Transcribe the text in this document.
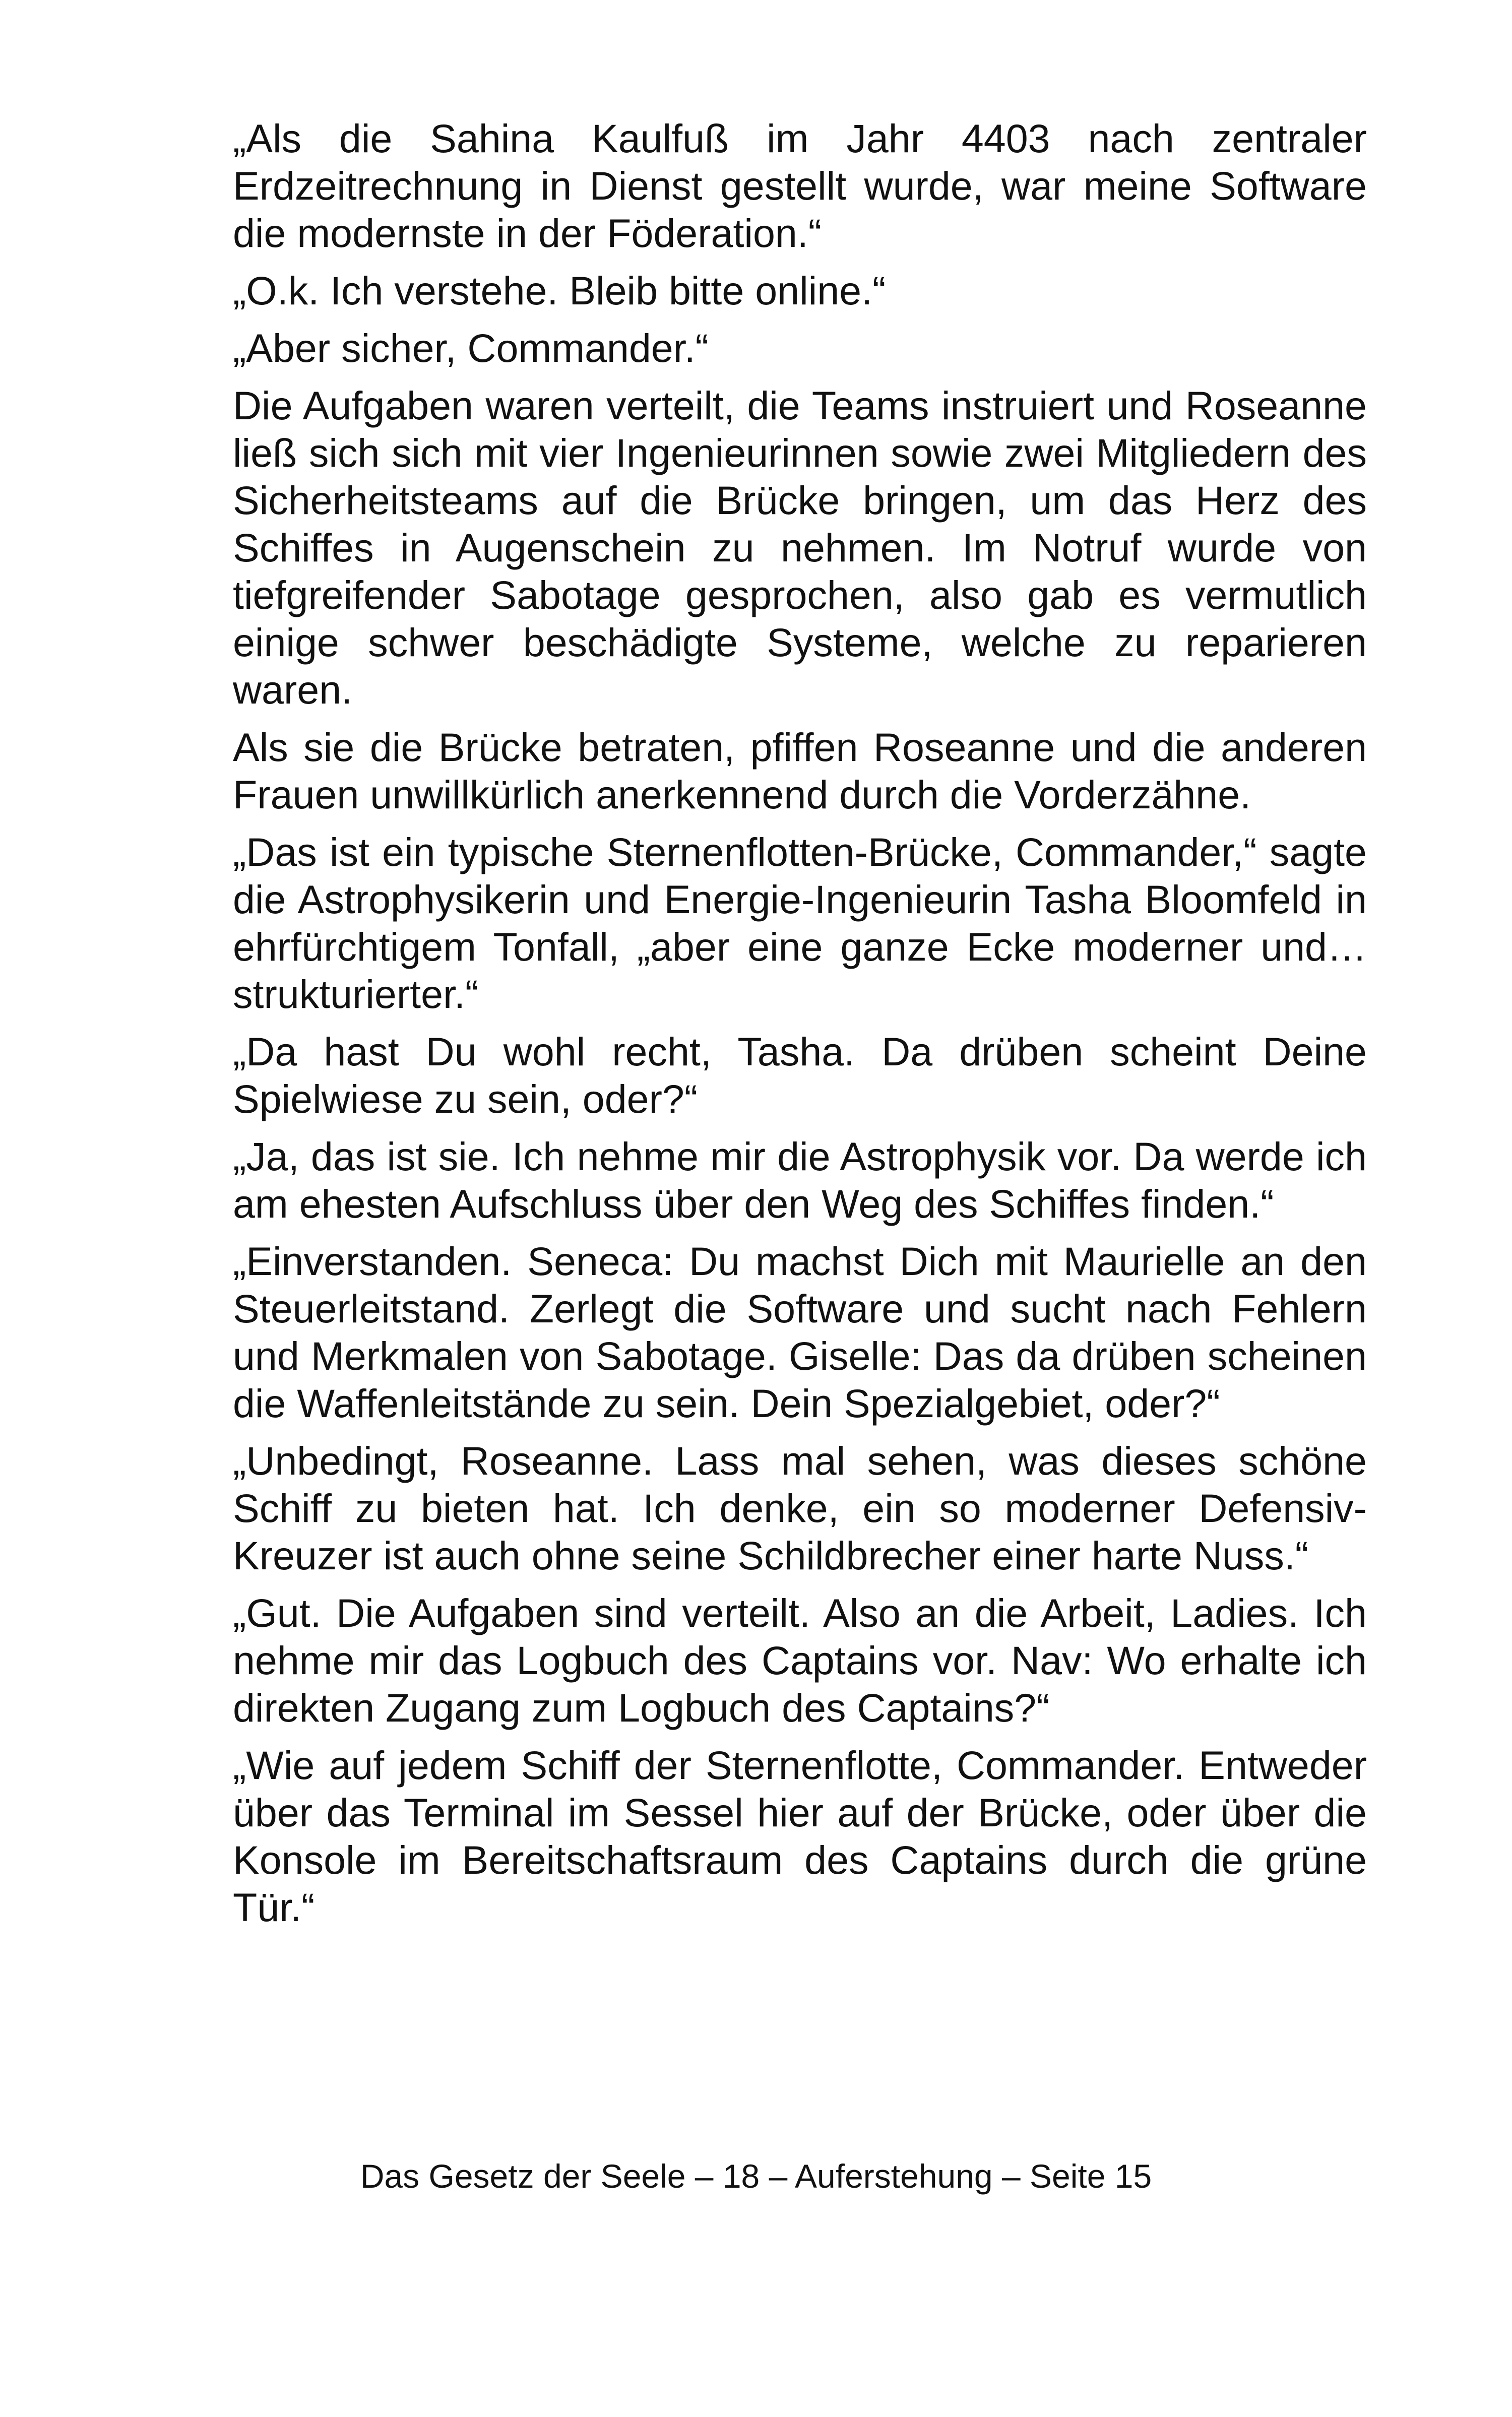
„Als die Sahina Kaulfuß im Jahr 4403 nach zentraler Erdzeitrechnung in Dienst gestellt wurde, war meine Software die modernste in der Föderation.“

„O.k. Ich verstehe. Bleib bitte online.“

„Aber sicher, Commander.“

Die Aufgaben waren verteilt, die Teams instruiert und Roseanne ließ sich sich mit vier Ingenieurinnen sowie zwei Mitgliedern des Sicherheitsteams auf die Brücke bringen, um das Herz des Schiffes in Augenschein zu nehmen. Im Notruf wurde von tiefgreifender Sabotage gesprochen, also gab es vermutlich einige schwer beschädigte Systeme, welche zu reparieren waren.

Als sie die Brücke betraten, pfiffen Roseanne und die anderen Frauen unwillkürlich anerkennend durch die Vorderzähne.

„Das ist ein typische Sternenflotten-Brücke, Commander,“ sagte die Astrophysikerin und Energie-Ingenieurin Tasha Bloomfeld in ehrfürchtigem Tonfall, „aber eine ganze Ecke moderner und… strukturierter.“

„Da hast Du wohl recht, Tasha. Da drüben scheint Deine Spielwiese zu sein, oder?“

„Ja, das ist sie. Ich nehme mir die Astrophysik vor. Da werde ich am ehesten Aufschluss über den Weg des Schiffes finden.“

„Einverstanden. Seneca: Du machst Dich mit Maurielle an den Steuerleitstand. Zerlegt die Software und sucht nach Fehlern und Merkmalen von Sabotage. Giselle: Das da drüben scheinen die Waffenleitstände zu sein. Dein Spezialgebiet, oder?“

„Unbedingt, Roseanne. Lass mal sehen, was dieses schöne Schiff zu bieten hat. Ich denke, ein so moderner Defensiv-Kreuzer ist auch ohne seine Schildbrecher einer harte Nuss.“

„Gut. Die Aufgaben sind verteilt. Also an die Arbeit, Ladies. Ich nehme mir das Logbuch des Captains vor. Nav: Wo erhalte ich direkten Zugang zum Logbuch des Captains?“

„Wie auf jedem Schiff der Sternenflotte, Commander. Entweder über das Terminal im Sessel hier auf der Brücke, oder über die Konsole im Bereitschaftsraum des Captains durch die grüne Tür.“

Das Gesetz der Seele – 18 – Auferstehung – Seite 15
